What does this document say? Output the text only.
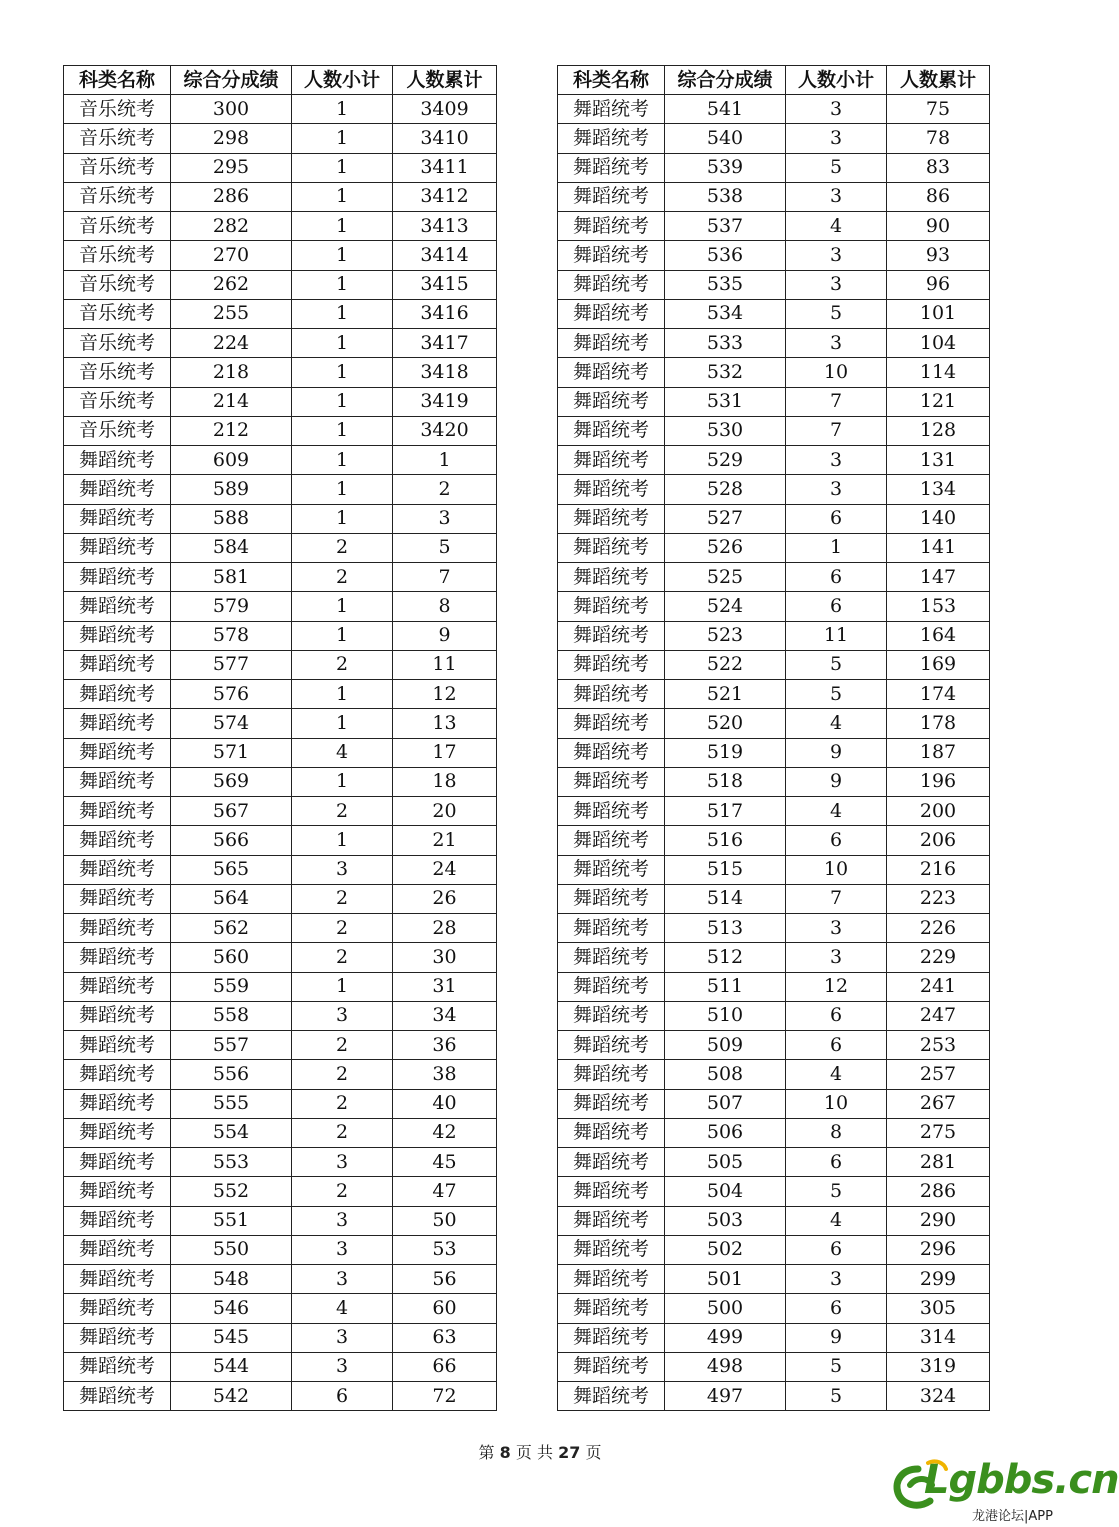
科类名称	综合分成绩	人数小计	人数累计
音乐统考	300	1	3409
音乐统考	298	1	3410
音乐统考	295	1	3411
音乐统考	286	1	3412
音乐统考	282	1	3413
音乐统考	270	1	3414
音乐统考	262	1	3415
音乐统考	255	1	3416
音乐统考	224	1	3417
音乐统考	218	1	3418
音乐统考	214	1	3419
音乐统考	212	1	3420
舞蹈统考	609	1	1
舞蹈统考	589	1	2
舞蹈统考	588	1	3
舞蹈统考	584	2	5
舞蹈统考	581	2	7
舞蹈统考	579	1	8
舞蹈统考	578	1	9
舞蹈统考	577	2	11
舞蹈统考	576	1	12
舞蹈统考	574	1	13
舞蹈统考	571	4	17
舞蹈统考	569	1	18
舞蹈统考	567	2	20
舞蹈统考	566	1	21
舞蹈统考	565	3	24
舞蹈统考	564	2	26
舞蹈统考	562	2	28
舞蹈统考	560	2	30
舞蹈统考	559	1	31
舞蹈统考	558	3	34
舞蹈统考	557	2	36
舞蹈统考	556	2	38
舞蹈统考	555	2	40
舞蹈统考	554	2	42
舞蹈统考	553	3	45
舞蹈统考	552	2	47
舞蹈统考	551	3	50
舞蹈统考	550	3	53
舞蹈统考	548	3	56
舞蹈统考	546	4	60
舞蹈统考	545	3	63
舞蹈统考	544	3	66
舞蹈统考	542	6	72
科类名称	综合分成绩	人数小计	人数累计
舞蹈统考	541	3	75
舞蹈统考	540	3	78
舞蹈统考	539	5	83
舞蹈统考	538	3	86
舞蹈统考	537	4	90
舞蹈统考	536	3	93
舞蹈统考	535	3	96
舞蹈统考	534	5	101
舞蹈统考	533	3	104
舞蹈统考	532	10	114
舞蹈统考	531	7	121
舞蹈统考	530	7	128
舞蹈统考	529	3	131
舞蹈统考	528	3	134
舞蹈统考	527	6	140
舞蹈统考	526	1	141
舞蹈统考	525	6	147
舞蹈统考	524	6	153
舞蹈统考	523	11	164
舞蹈统考	522	5	169
舞蹈统考	521	5	174
舞蹈统考	520	4	178
舞蹈统考	519	9	187
舞蹈统考	518	9	196
舞蹈统考	517	4	200
舞蹈统考	516	6	206
舞蹈统考	515	10	216
舞蹈统考	514	7	223
舞蹈统考	513	3	226
舞蹈统考	512	3	229
舞蹈统考	511	12	241
舞蹈统考	510	6	247
舞蹈统考	509	6	253
舞蹈统考	508	4	257
舞蹈统考	507	10	267
舞蹈统考	506	8	275
舞蹈统考	505	6	281
舞蹈统考	504	5	286
舞蹈统考	503	4	290
舞蹈统考	502	6	296
舞蹈统考	501	3	299
舞蹈统考	500	6	305
舞蹈统考	499	9	314
舞蹈统考	498	5	319
舞蹈统考	497	5	324
第 8 页 共 27 页
Lgbbs.cn
龙港论坛|APP
